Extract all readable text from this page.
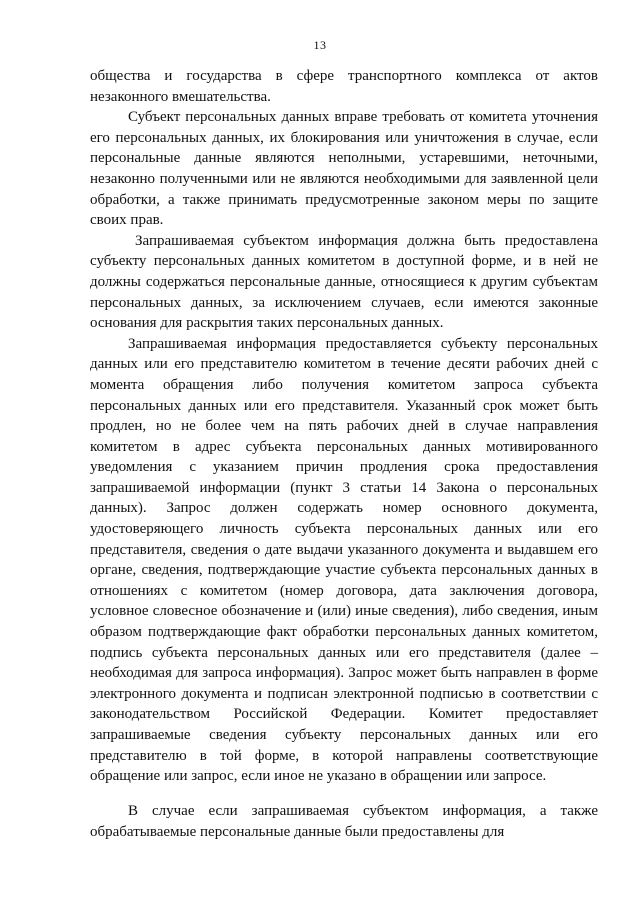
13

общества и государства в сфере транспортного комплекса от актов незаконного вмешательства.

Субъект персональных данных вправе требовать от комитета уточнения его персональных данных, их блокирования или уничтожения в случае, если персональные данные являются неполными, устаревшими, неточными, незаконно полученными или не являются необходимыми для заявленной цели обработки, а также принимать предусмотренные законом меры по защите своих прав.

Запрашиваемая субъектом информация должна быть предоставлена субъекту персональных данных комитетом в доступной форме, и в ней не должны содержаться персональные данные, относящиеся к другим субъектам персональных данных, за исключением случаев, если имеются законные основания для раскрытия таких персональных данных.

Запрашиваемая информация предоставляется субъекту персональных данных или его представителю комитетом в течение десяти рабочих дней с момента обращения либо получения комитетом запроса субъекта персональных данных или его представителя. Указанный срок может быть продлен, но не более чем на пять рабочих дней в случае направления комитетом в адрес субъекта персональных данных мотивированного уведомления с указанием причин продления срока предоставления запрашиваемой информации (пункт 3 статьи 14 Закона о персональных данных). Запрос должен содержать номер основного документа, удостоверяющего личность субъекта персональных данных или его представителя, сведения о дате выдачи указанного документа и выдавшем его органе, сведения, подтверждающие участие субъекта персональных данных в отношениях с комитетом (номер договора, дата заключения договора, условное словесное обозначение и (или) иные сведения), либо сведения, иным образом подтверждающие факт обработки персональных данных комитетом, подпись субъекта персональных данных или его представителя (далее – необходимая для запроса информация). Запрос может быть направлен в форме электронного документа и подписан электронной подписью в соответствии с законодательством Российской Федерации. Комитет предоставляет запрашиваемые сведения субъекту персональных данных или его представителю в той форме, в которой направлены соответствующие обращение или запрос, если иное не указано в обращении или запросе.

В случае если запрашиваемая субъектом информация, а также обрабатываемые персональные данные были предоставлены для
